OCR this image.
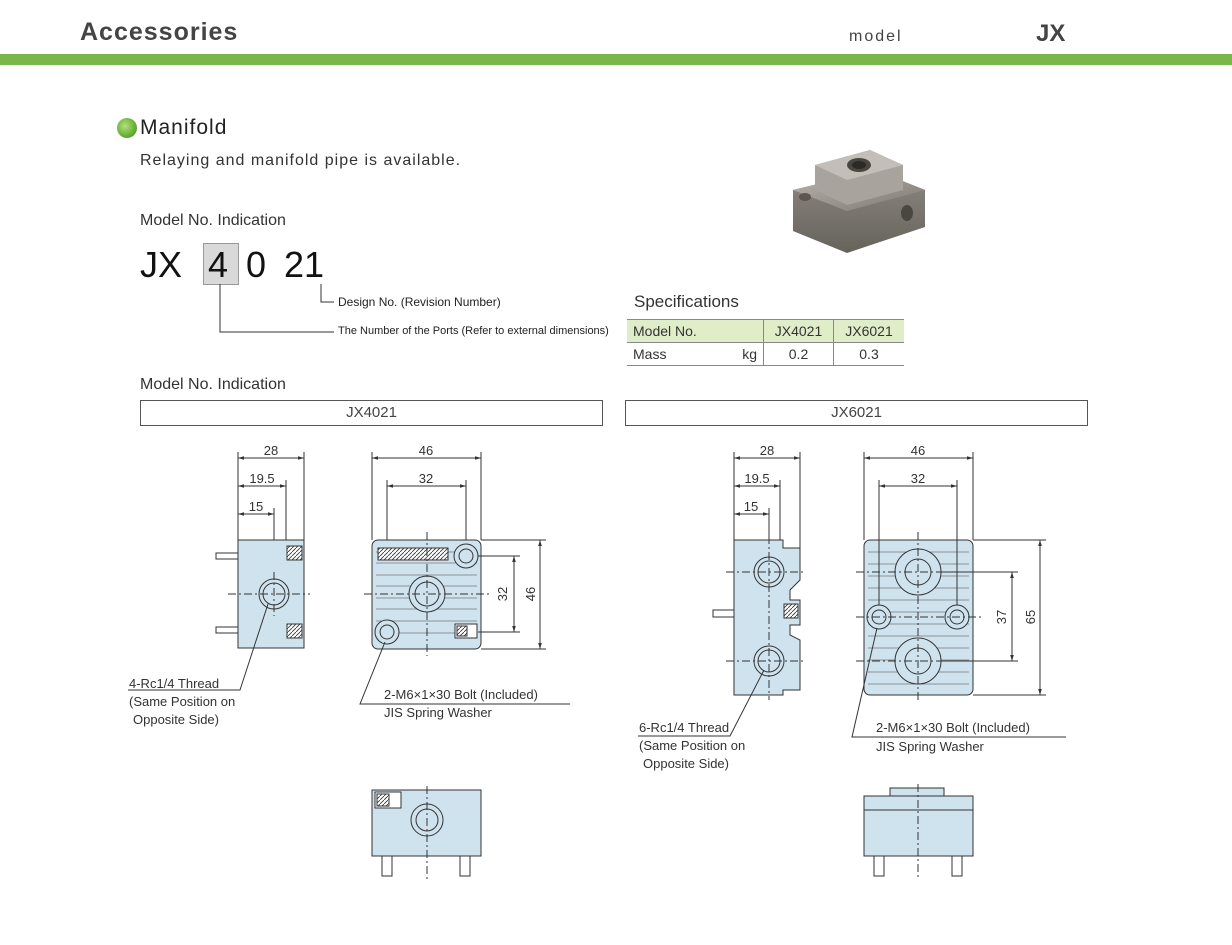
Accessories	model	JX
Manifold
Relaying and manifold pipe is available.
Model No. Indication
JX 4 0 21
Design No. (Revision Number)
The Number of the Ports (Refer to external dimensions)
Specifications
Model No.		JX4021	JX6021
Mass	kg	0.2	0.3
Model No. Indication
JX4021	JX6021
28
19.5
15
46
32
46
32
28
19.5
15
46
32
65
37
4-Rc1/4 Thread
(Same Position on
Opposite Side)
2-M6×1×30 Bolt (Included)
JIS Spring Washer
6-Rc1/4 Thread
(Same Position on
Opposite Side)
2-M6×1×30 Bolt (Included)
JIS Spring Washer
